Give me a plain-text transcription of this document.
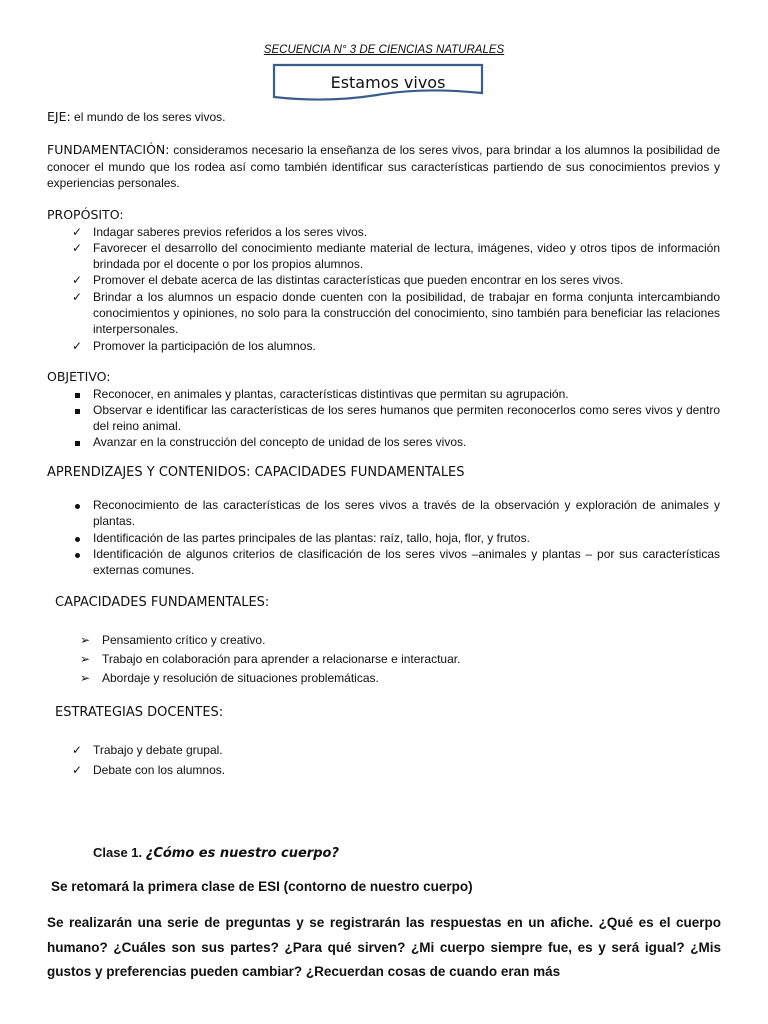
SECUENCIA N° 3 DE CIENCIAS NATURALES
Estamos vivos
EJE: el mundo de los seres vivos.
FUNDAMENTACIÓN: consideramos necesario la enseñanza de los seres vivos, para brindar a los alumnos la posibilidad de conocer el mundo que los rodea así como también identificar sus características partiendo de sus conocimientos previos y experiencias personales.
PROPÓSITO:
✓ Indagar saberes previos referidos a los seres vivos.
✓ Favorecer el desarrollo del conocimiento mediante material de lectura, imágenes, video y otros tipos de información brindada por el docente o por los propios alumnos.
✓ Promover el debate acerca de las distintas características que pueden encontrar en los seres vivos.
✓ Brindar a los alumnos un espacio donde cuenten con la posibilidad, de trabajar en forma conjunta intercambiando conocimientos y opiniones, no solo para la construcción del conocimiento, sino también para beneficiar las relaciones interpersonales.
✓ Promover la participación de los alumnos.
OBJETIVO:
Reconocer, en animales y plantas, características distintivas que permitan su agrupación.
Observar e identificar las características de los seres humanos que permiten reconocerlos como seres vivos y dentro del reino animal.
Avanzar en la construcción del concepto de unidad de los seres vivos.
APRENDIZAJES Y CONTENIDOS: CAPACIDADES FUNDAMENTALES
Reconocimiento de las características de los seres vivos a través de la observación y exploración de animales y plantas.
Identificación de las partes principales de las plantas: raíz, tallo, hoja, flor, y frutos.
Identificación de algunos criterios de clasificación de los seres vivos –animales y plantas – por sus características externas comunes.
CAPACIDADES FUNDAMENTALES:
➢ Pensamiento crítico y creativo.
➢ Trabajo en colaboración para aprender a relacionarse e interactuar.
➢ Abordaje y resolución de situaciones problemáticas.
ESTRATEGIAS DOCENTES:
✓ Trabajo y debate grupal.
✓ Debate con los alumnos.
Clase 1. ¿Cómo es nuestro cuerpo?
Se retomará la primera clase de ESI (contorno de nuestro cuerpo)
Se realizarán una serie de preguntas y se registrarán las respuestas en un afiche. ¿Qué es el cuerpo humano? ¿Cuáles son sus partes? ¿Para qué sirven? ¿Mi cuerpo siempre fue, es y será igual? ¿Mis gustos y preferencias pueden cambiar? ¿Recuerdan cosas de cuando eran más
